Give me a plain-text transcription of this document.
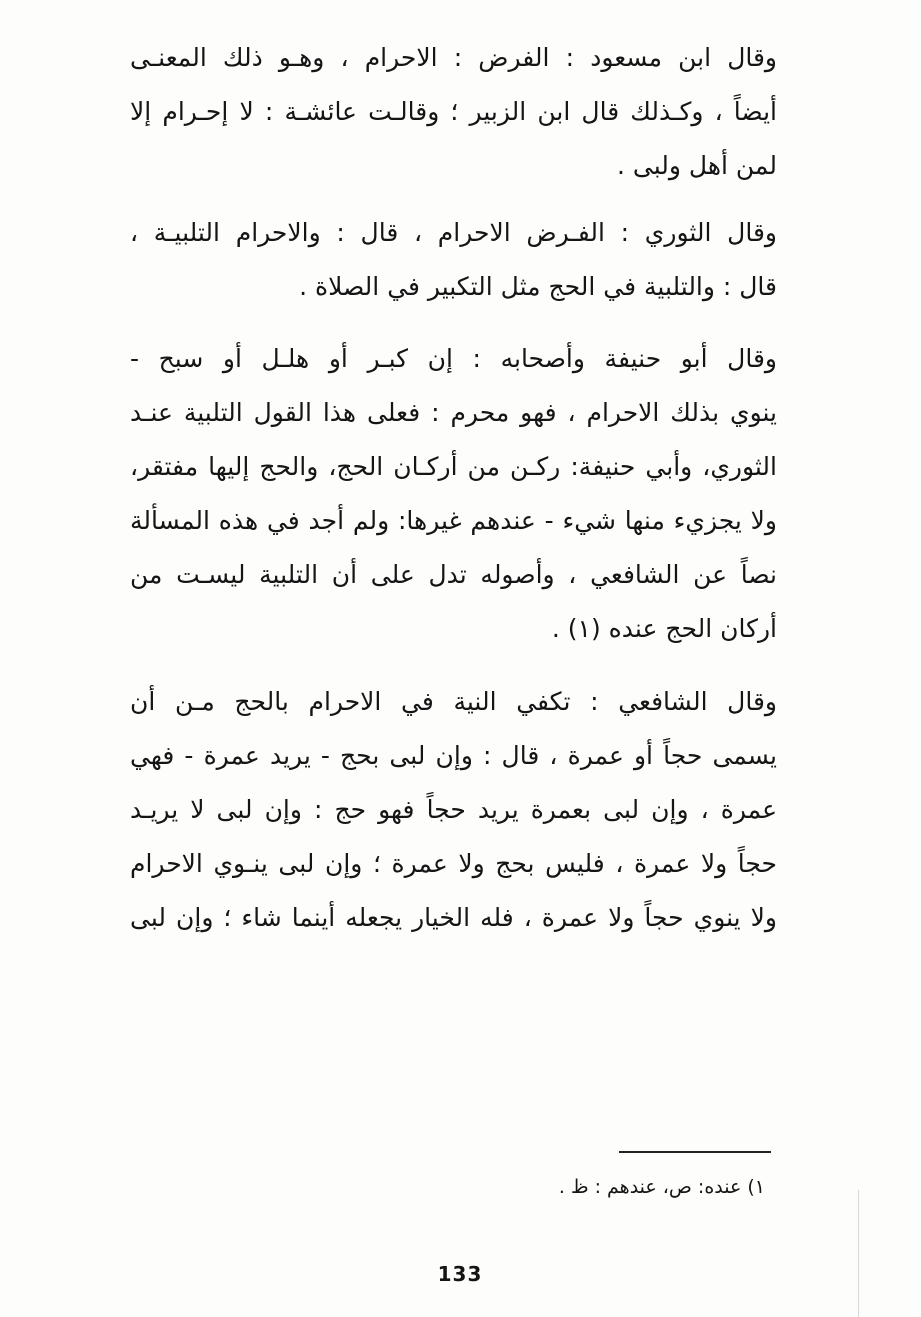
وقال ابن مسعود : الفرض : الاحرام ، وهـو ذلك المعنـى
أيضاً ، وكـذلك قال ابن الزبير ؛ وقالـت عائشـة : لا إحـرام إلا
لمن أهل ولبى .
وقال الثوري : الفـرض الاحرام ، قال : والاحرام التلبيـة ،
قال : والتلبية في الحج مثل التكبير في الصلاة .
وقال أبو حنيفة وأصحابه : إن كبـر أو هلـل أو سبح -
ينوي بذلك الاحرام ، فهو محرم : فعلى هذا القول التلبية عنـد
الثوري، وأبي حنيفة: ركـن من أركـان الحج، والحج إليها مفتقر،
ولا يجزيء منها شيء - عندهم غيرها: ولم أجد في هذه المسألة
نصاً عن الشافعي ، وأصوله تدل على أن التلبية ليسـت من
أركان الحج عنده (١) .
وقال الشافعي : تكفي النية في الاحرام بالحج مـن أن
يسمى حجاً أو عمرة ، قال : وإن لبى بحج - يريد عمرة - فهي
عمرة ، وإن لبى بعمرة يريد حجاً فهو حج : وإن لبى لا يريـد
حجاً ولا عمرة ، فليس بحج ولا عمرة ؛ وإن لبى ينـوي الاحرام
ولا ينوي حجاً ولا عمرة ، فله الخيار يجعله أينما شاء ؛ وإن لبى
١) عنده: ص، عندهم : ظ .
133
